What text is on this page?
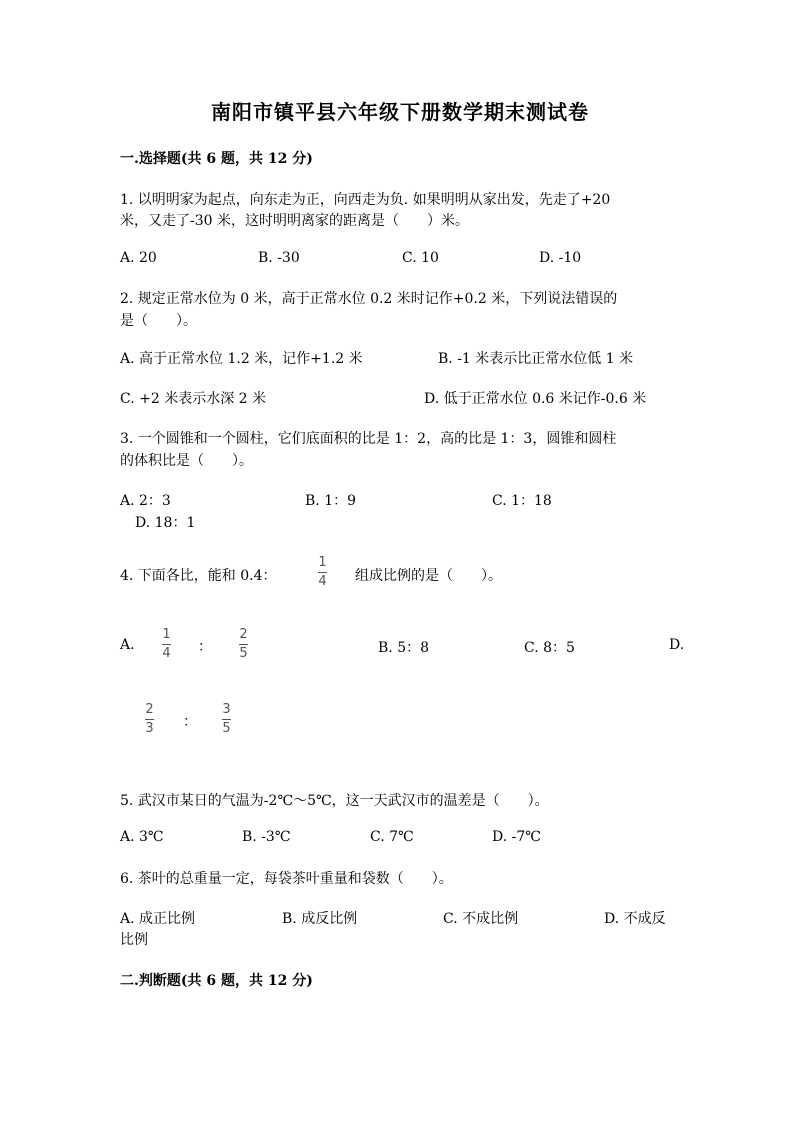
南阳市镇平县六年级下册数学期末测试卷
一.选择题(共 6 题，共 12 分)
1. 以明明家为起点，向东走为正，向西走为负. 如果明明从家出发，先走了+20
米，又走了-30 米，这时明明离家的距离是（　　）米。
A. 20	B. -30	C. 10	D. -10
2. 规定正常水位为 0 米，高于正常水位 0.2 米时记作+0.2 米，下列说法错误的
是（　　）。
A. 高于正常水位 1.2 米，记作+1.2 米	B. -1 米表示比正常水位低 1 米
C. +2 米表示水深 2 米	D. 低于正常水位 0.6 米记作-0.6 米
3. 一个圆锥和一个圆柱，它们底面积的比是 1：2，高的比是 1：3，圆锥和圆柱
的体积比是（　　）。
A. 2：3	B. 1：9	C. 1：18
D. 18：1
4. 下面各比，能和 0.4：
1
4 组成比例的是（　　）。
A.
1
4 ：
2
5	B. 5：8	C. 8：5	D.
2
3 ：
3
5
5. 武汉市某日的气温为-2℃～5℃，这一天武汉市的温差是（　　）。
A. 3℃	B. -3℃	C. 7℃	D. -7℃
6. 茶叶的总重量一定，每袋茶叶重量和袋数（　　）。
A. 成正比例	B. 成反比例	C. 不成比例	D. 不成反
比例
二.判断题(共 6 题，共 12 分)
